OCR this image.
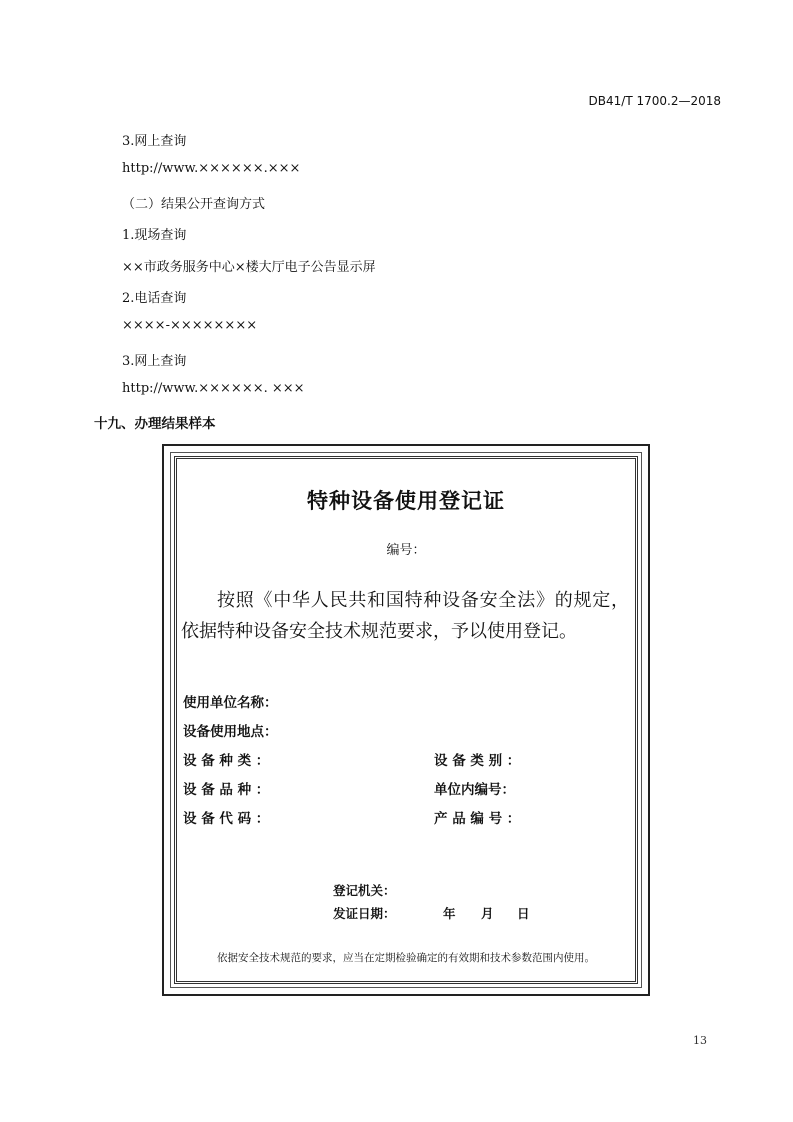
DB41/T 1700.2—2018
3.网上查询
http://www.××××××.×××
（二）结果公开查询方式
1.现场查询
××市政务服务中心×楼大厅电子公告显示屏
2.电话查询
××××-××××××××
3.网上查询
http://www.××××××. ×××
十九、办理结果样本
特种设备使用登记证
编号：
按照《中华人民共和国特种设备安全法》的规定，依据特种设备安全技术规范要求，予以使用登记。
使用单位名称：
设备使用地点：
设 备 种 类 ：	设 备 类 别 ：
设 备 品 种 ：	单位内编号：
设 备 代 码 ：	产 品 编 号 ：
登记机关：
发证日期：	年 月 日
依据安全技术规范的要求，应当在定期检验确定的有效期和技术参数范围内使用。
13
